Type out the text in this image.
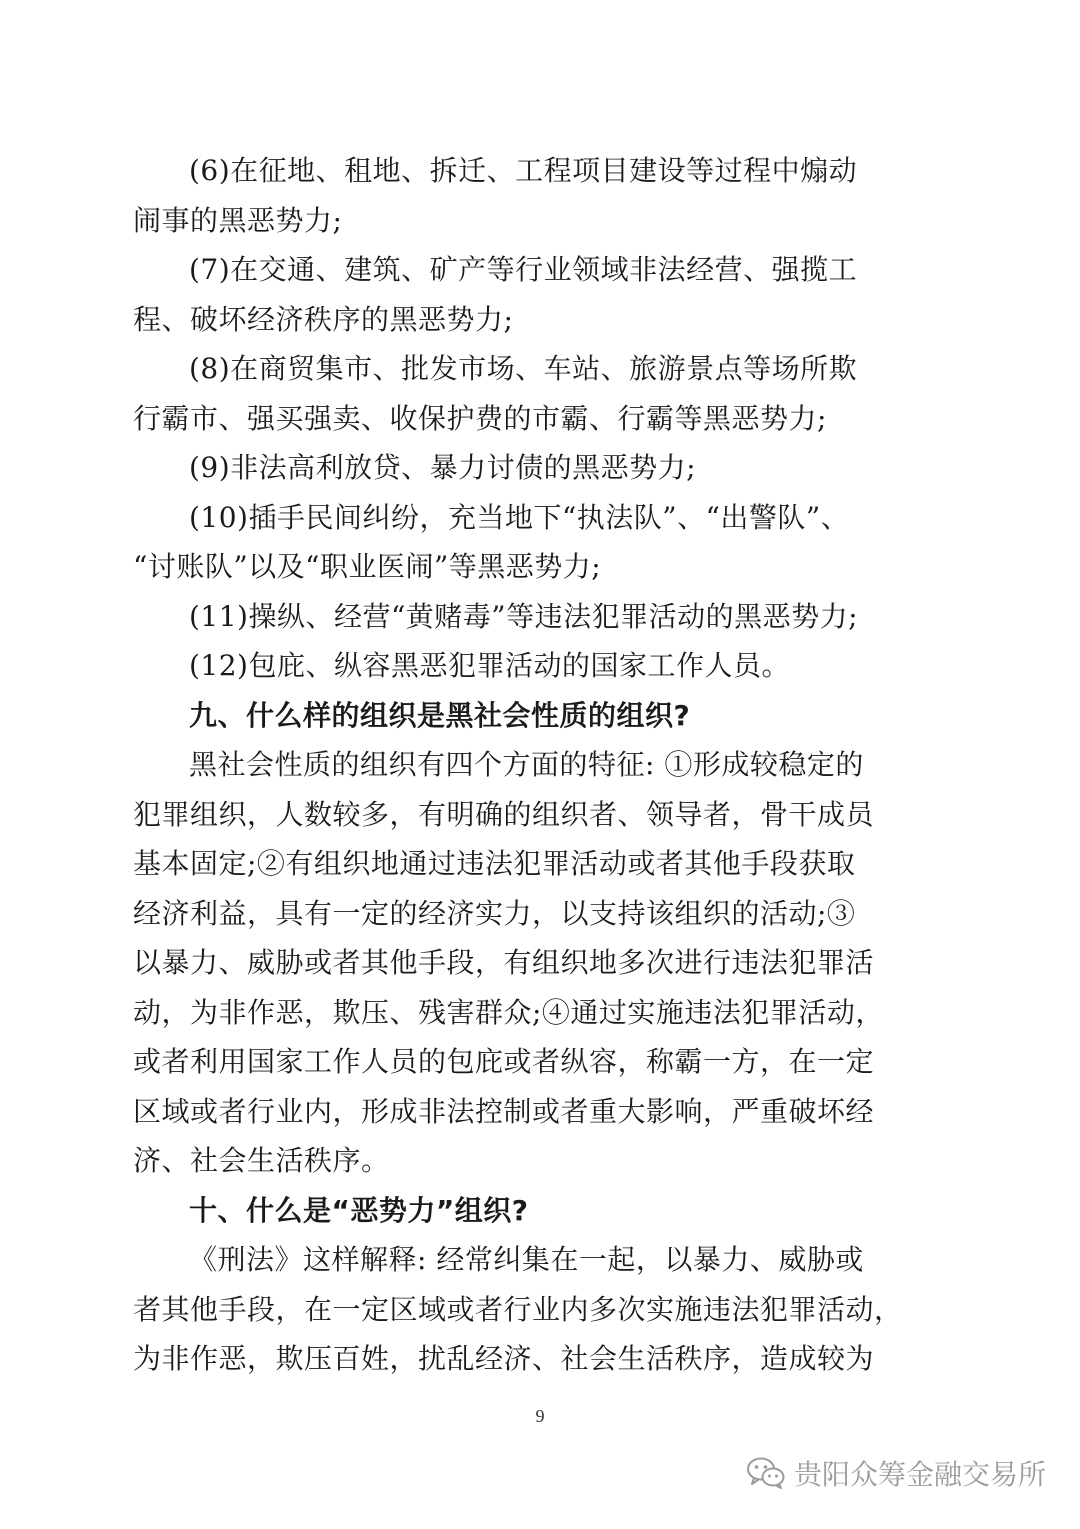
(6)在征地、租地、拆迁、工程项目建设等过程中煽动
闹事的黑恶势力;
(7)在交通、建筑、矿产等行业领域非法经营、强揽工
程、破坏经济秩序的黑恶势力;
(8)在商贸集市、批发市场、车站、旅游景点等场所欺
行霸市、强买强卖、收保护费的市霸、行霸等黑恶势力;
(9)非法高利放贷、暴力讨债的黑恶势力;
(10)插手民间纠纷，充当地下“执法队”、“出警队”、
“讨账队”以及“职业医闹”等黑恶势力;
(11)操纵、经营“黄赌毒”等违法犯罪活动的黑恶势力;
(12)包庇、纵容黑恶犯罪活动的国家工作人员。
九、什么样的组织是黑社会性质的组织?
黑社会性质的组织有四个方面的特征: ①形成较稳定的
犯罪组织，人数较多，有明确的组织者、领导者，骨干成员
基本固定;②有组织地通过违法犯罪活动或者其他手段获取
经济利益，具有一定的经济实力，以支持该组织的活动;③
以暴力、威胁或者其他手段，有组织地多次进行违法犯罪活
动，为非作恶，欺压、残害群众;④通过实施违法犯罪活动，
或者利用国家工作人员的包庇或者纵容，称霸一方，在一定
区域或者行业内，形成非法控制或者重大影响，严重破坏经
济、社会生活秩序。
十、什么是“恶势力”组织?
《刑法》这样解释: 经常纠集在一起，以暴力、威胁或
者其他手段，在一定区域或者行业内多次实施违法犯罪活动，
为非作恶，欺压百姓，扰乱经济、社会生活秩序，造成较为
9
贵阳众筹金融交易所
